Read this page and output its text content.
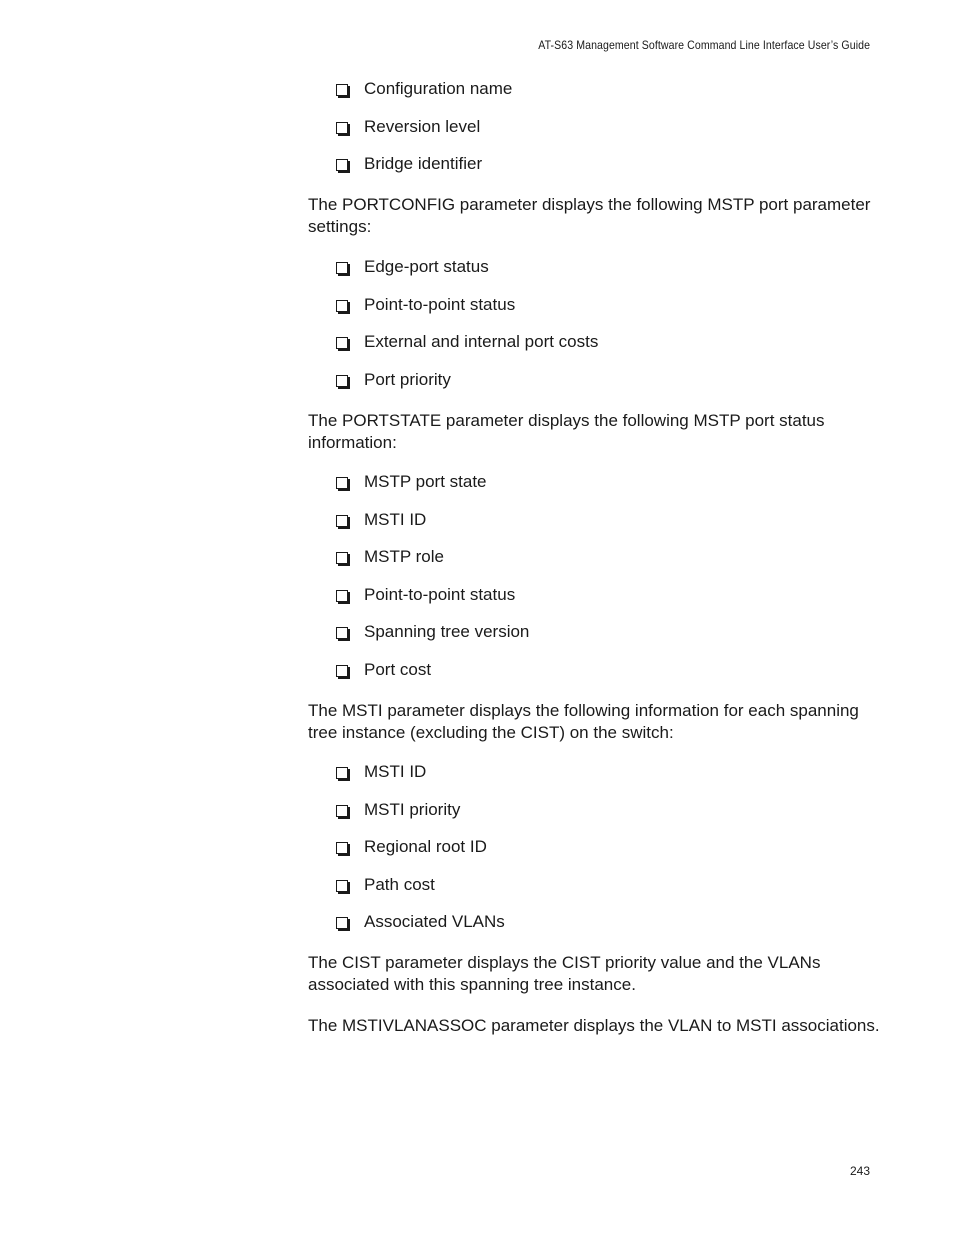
AT-S63 Management Software Command Line Interface User’s Guide
Configuration name
Reversion level
Bridge identifier

The PORTCONFIG parameter displays the following MSTP port parameter settings:

Edge-port status
Point-to-point status
External and internal port costs
Port priority

The PORTSTATE parameter displays the following MSTP port status information:

MSTP port state
MSTI ID
MSTP role
Point-to-point status
Spanning tree version
Port cost

The MSTI parameter displays the following information for each spanning tree instance (excluding the CIST) on the switch:

MSTI ID
MSTI priority
Regional root ID
Path cost
Associated VLANs

The CIST parameter displays the CIST priority value and the VLANs associated with this spanning tree instance.

The MSTIVLANASSOC parameter displays the VLAN to MSTI associations.

243
